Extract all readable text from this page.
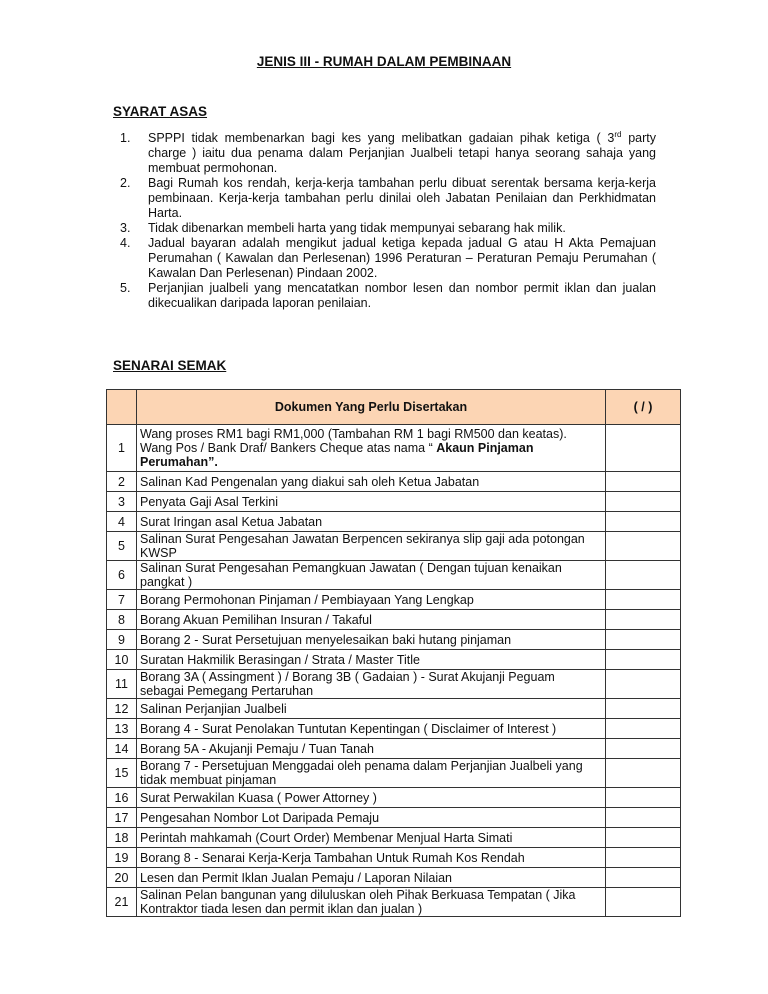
JENIS III - RUMAH DALAM PEMBINAAN
SYARAT ASAS
1. SPPPI tidak membenarkan bagi kes yang melibatkan gadaian pihak ketiga ( 3rd party charge ) iaitu dua penama dalam Perjanjian Jualbeli tetapi hanya seorang sahaja yang membuat permohonan.
2. Bagi Rumah kos rendah, kerja-kerja tambahan perlu dibuat serentak bersama kerja-kerja pembinaan. Kerja-kerja tambahan perlu dinilai oleh Jabatan Penilaian dan Perkhidmatan Harta.
3. Tidak dibenarkan membeli harta yang tidak mempunyai sebarang hak milik.
4. Jadual bayaran adalah mengikut jadual ketiga kepada jadual G atau H Akta Pemajuan Perumahan ( Kawalan dan Perlesenan) 1996 Peraturan – Peraturan Pemaju Perumahan ( Kawalan Dan Perlesenan) Pindaan 2002.
5. Perjanjian jualbeli yang mencatatkan nombor lesen dan nombor permit iklan dan jualan dikecualikan daripada laporan penilaian.
SENARAI SEMAK
	Dokumen Yang Perlu Disertakan	( / )
1	Wang proses RM1 bagi RM1,000 (Tambahan RM 1 bagi RM500 dan keatas).
Wang Pos / Bank Draf/ Bankers Cheque atas nama “ Akaun Pinjaman Perumahan”.	
2	Salinan Kad Pengenalan yang diakui sah oleh Ketua Jabatan	
3	Penyata Gaji Asal Terkini	
4	Surat Iringan asal Ketua Jabatan	
5	Salinan Surat Pengesahan Jawatan Berpencen sekiranya slip gaji ada potongan KWSP	
6	Salinan Surat Pengesahan Pemangkuan Jawatan ( Dengan tujuan kenaikan pangkat )	
7	Borang Permohonan Pinjaman / Pembiayaan Yang Lengkap	
8	Borang Akuan Pemilihan Insuran / Takaful	
9	Borang 2 - Surat Persetujuan menyelesaikan baki hutang pinjaman	
10	Suratan Hakmilik Berasingan / Strata / Master Title	
11	Borang 3A ( Assingment ) / Borang 3B ( Gadaian ) - Surat Akujanji Peguam sebagai Pemegang Pertaruhan	
12	Salinan Perjanjian Jualbeli	
13	Borang 4 - Surat Penolakan Tuntutan Kepentingan ( Disclaimer of Interest )	
14	Borang 5A - Akujanji Pemaju / Tuan Tanah	
15	Borang 7 - Persetujuan Menggadai oleh penama dalam Perjanjian Jualbeli yang tidak membuat pinjaman	
16	Surat Perwakilan Kuasa ( Power Attorney )	
17	Pengesahan Nombor Lot Daripada Pemaju	
18	Perintah mahkamah (Court Order) Membenar Menjual Harta Simati	
19	Borang 8 - Senarai Kerja-Kerja Tambahan Untuk Rumah Kos Rendah	
20	Lesen dan Permit Iklan Jualan Pemaju / Laporan Nilaian	
21	Salinan Pelan bangunan yang diluluskan oleh Pihak Berkuasa Tempatan ( Jika Kontraktor tiada lesen dan permit iklan dan jualan )	
